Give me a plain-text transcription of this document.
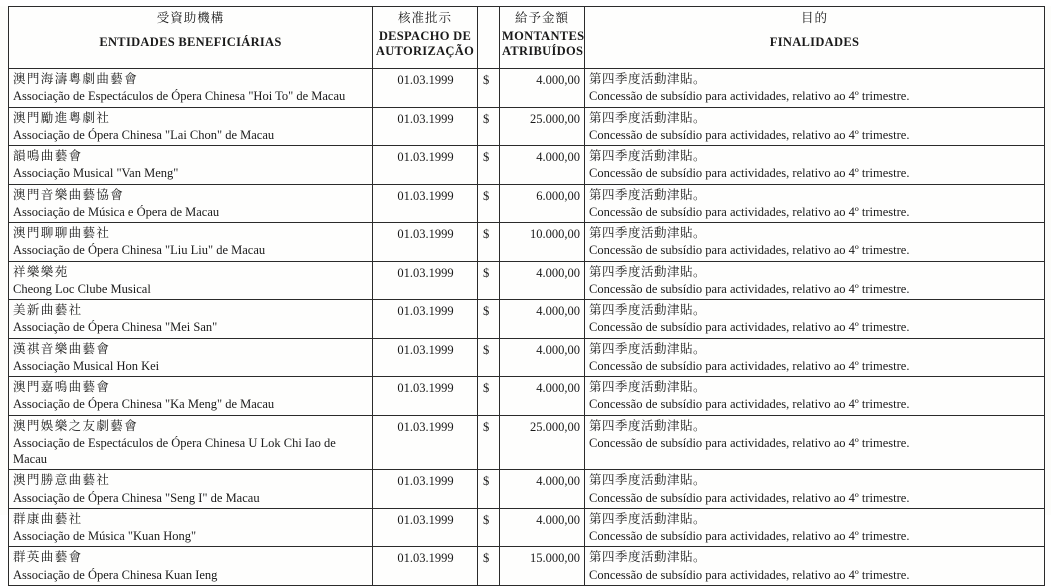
受資助機構
ENTIDADES BENEFICIÁRIAS	核准批示
DESPACHO DE
AUTORIZAÇÃO		給予金額
MONTANTES
ATRIBUÍDOS	目的
FINALIDADES

澳門海濤粵劇曲藝會
Associação de Espectáculos de Ópera Chinesa "Hoi To" de Macau	01.03.1999	$	4.000,00	第四季度活動津貼。
Concessão de subsídio para actividades, relativo ao 4º trimestre.

澳門勵進粵劇社
Associação de Ópera Chinesa "Lai Chon" de Macau	01.03.1999	$	25.000,00	第四季度活動津貼。
Concessão de subsídio para actividades, relativo ao 4º trimestre.

韻鳴曲藝會
Associação Musical "Van Meng"	01.03.1999	$	4.000,00	第四季度活動津貼。
Concessão de subsídio para actividades, relativo ao 4º trimestre.

澳門音樂曲藝協會
Associação de Música e Ópera de Macau	01.03.1999	$	6.000,00	第四季度活動津貼。
Concessão de subsídio para actividades, relativo ao 4º trimestre.

澳門聊聊曲藝社
Associação de Ópera Chinesa "Liu Liu" de Macau	01.03.1999	$	10.000,00	第四季度活動津貼。
Concessão de subsídio para actividades, relativo ao 4º trimestre.

祥樂樂苑
Cheong Loc Clube Musical	01.03.1999	$	4.000,00	第四季度活動津貼。
Concessão de subsídio para actividades, relativo ao 4º trimestre.

美新曲藝社
Associação de Ópera Chinesa "Mei San"	01.03.1999	$	4.000,00	第四季度活動津貼。
Concessão de subsídio para actividades, relativo ao 4º trimestre.

漢祺音樂曲藝會
Associação Musical Hon Kei	01.03.1999	$	4.000,00	第四季度活動津貼。
Concessão de subsídio para actividades, relativo ao 4º trimestre.

澳門嘉鳴曲藝會
Associação de Ópera Chinesa "Ka Meng" de Macau	01.03.1999	$	4.000,00	第四季度活動津貼。
Concessão de subsídio para actividades, relativo ao 4º trimestre.

澳門娛樂之友劇藝會
Associação de Espectáculos de Ópera Chinesa U Lok Chi Iao de Macau	01.03.1999	$	25.000,00	第四季度活動津貼。
Concessão de subsídio para actividades, relativo ao 4º trimestre.

澳門勝意曲藝社
Associação de Ópera Chinesa "Seng I" de Macau	01.03.1999	$	4.000,00	第四季度活動津貼。
Concessão de subsídio para actividades, relativo ao 4º trimestre.

群康曲藝社
Associação de Música "Kuan Hong"	01.03.1999	$	4.000,00	第四季度活動津貼。
Concessão de subsídio para actividades, relativo ao 4º trimestre.

群英曲藝會
Associação de Ópera Chinesa Kuan Ieng	01.03.1999	$	15.000,00	第四季度活動津貼。
Concessão de subsídio para actividades, relativo ao 4º trimestre.
